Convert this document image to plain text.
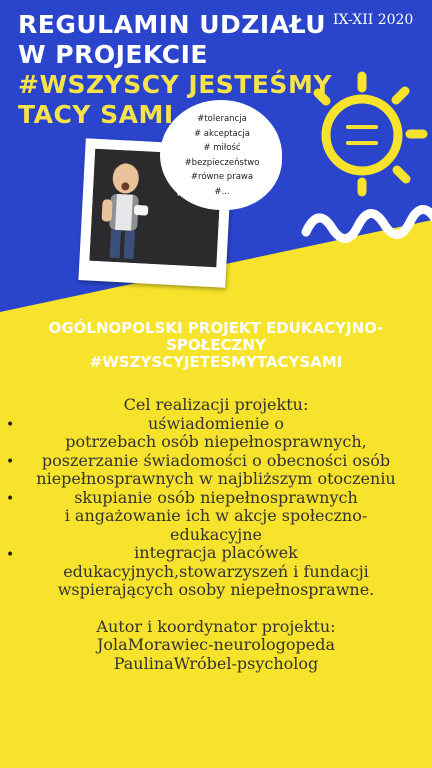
REGULAMIN UDZIAŁU
W PROJEKCIE
#WSZYSCY JESTEŚMY
TACY SAMI
IX-XII 2020
#tolerancja
# akceptacja
# miłość
#bezpieczeństwo
#równe prawa
#...
OGÓLNOPOLSKI PROJEKT EDUKACYJNO-
SPOŁECZNY
#WSZYSCYJETESMYTACYSAMI
Cel realizacji projektu:
uświadomienie o
potrzebach osób niepełnosprawnych,
poszerzanie świadomości o obecności osób
niepełnosprawnych w najbliższym otoczeniu
skupianie osób niepełnosprawnych
i angażowanie ich w akcje społeczno-
edukacyjne
integracja placówek
edukacyjnych,stowarzyszeń i fundacji
wspierających osoby niepełnosprawne.
Autor i koordynator projektu:
JolaMorawiec-neurologopeda
PaulinaWróbel-psycholog
•
•
•
•
